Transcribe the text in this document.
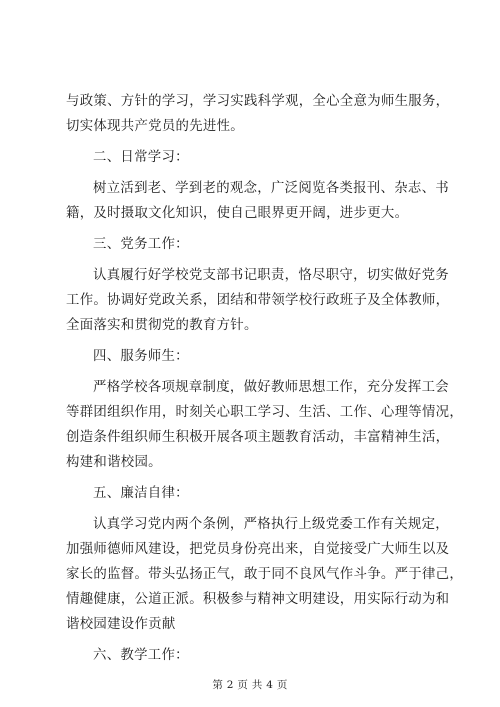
与政策、方针的学习，学习实践科学观，全心全意为师生服务，
切实体现共产党员的先进性。
二、日常学习：
树立活到老、学到老的观念，广泛阅览各类报刊、杂志、书
籍，及时摄取文化知识，使自己眼界更开阔，进步更大。
三、党务工作：
认真履行好学校党支部书记职责，恪尽职守，切实做好党务
工作。协调好党政关系，团结和带领学校行政班子及全体教师，
全面落实和贯彻党的教育方针。
四、服务师生：
严格学校各项规章制度，做好教师思想工作，充分发挥工会
等群团组织作用，时刻关心职工学习、生活、工作、心理等情况，
创造条件组织师生积极开展各项主题教育活动，丰富精神生活，
构建和谐校园。
五、廉洁自律：
认真学习党内两个条例，严格执行上级党委工作有关规定，
加强师德师风建设，把党员身份亮出来，自觉接受广大师生以及
家长的监督。带头弘扬正气，敢于同不良风气作斗争。严于律己，
情趣健康，公道正派。积极参与精神文明建设，用实际行动为和
谐校园建设作贡献
六、教学工作：
第 2 页 共 4 页
